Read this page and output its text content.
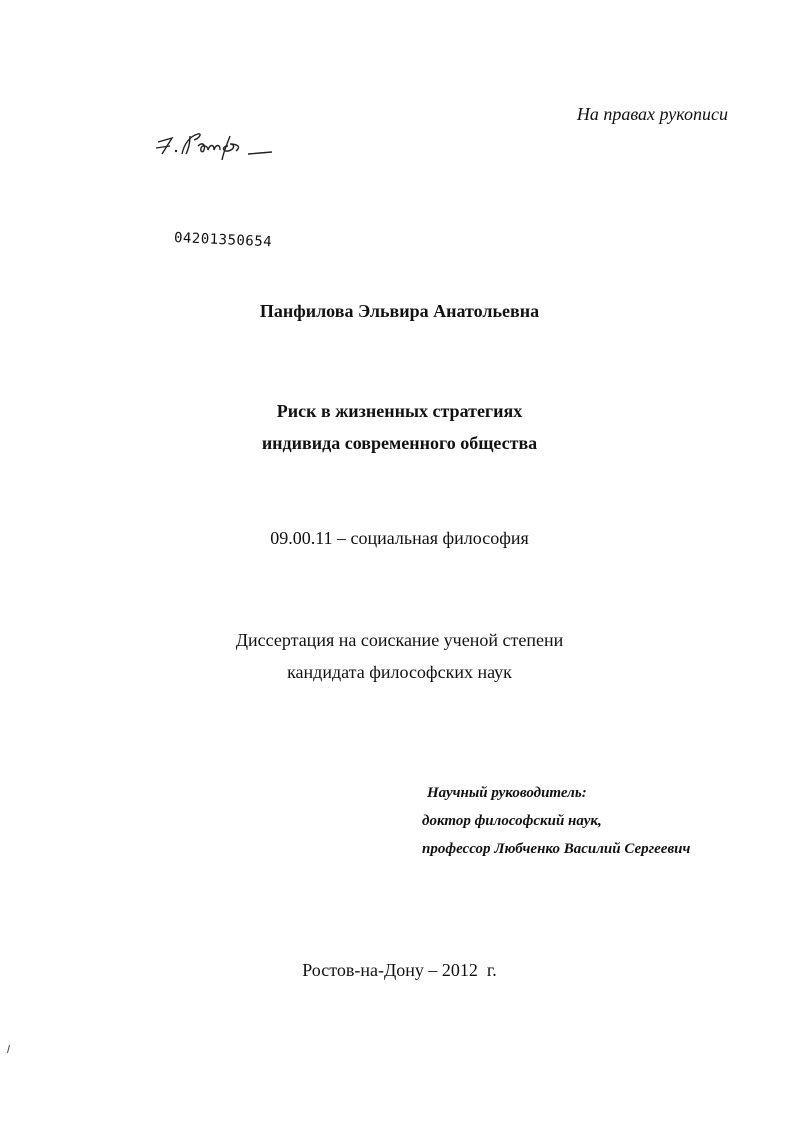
На правах рукописи
04201350654
Панфилова Эльвира Анатольевна
Риск в жизненных стратегиях
индивида современного общества
09.00.11 – социальная философия
Диссертация на соискание ученой степени
кандидата философских наук
Научный руководитель:
доктор философский наук,
профессор Любченко Василий Сергеевич
Ростов-на-Дону – 2012 г.
